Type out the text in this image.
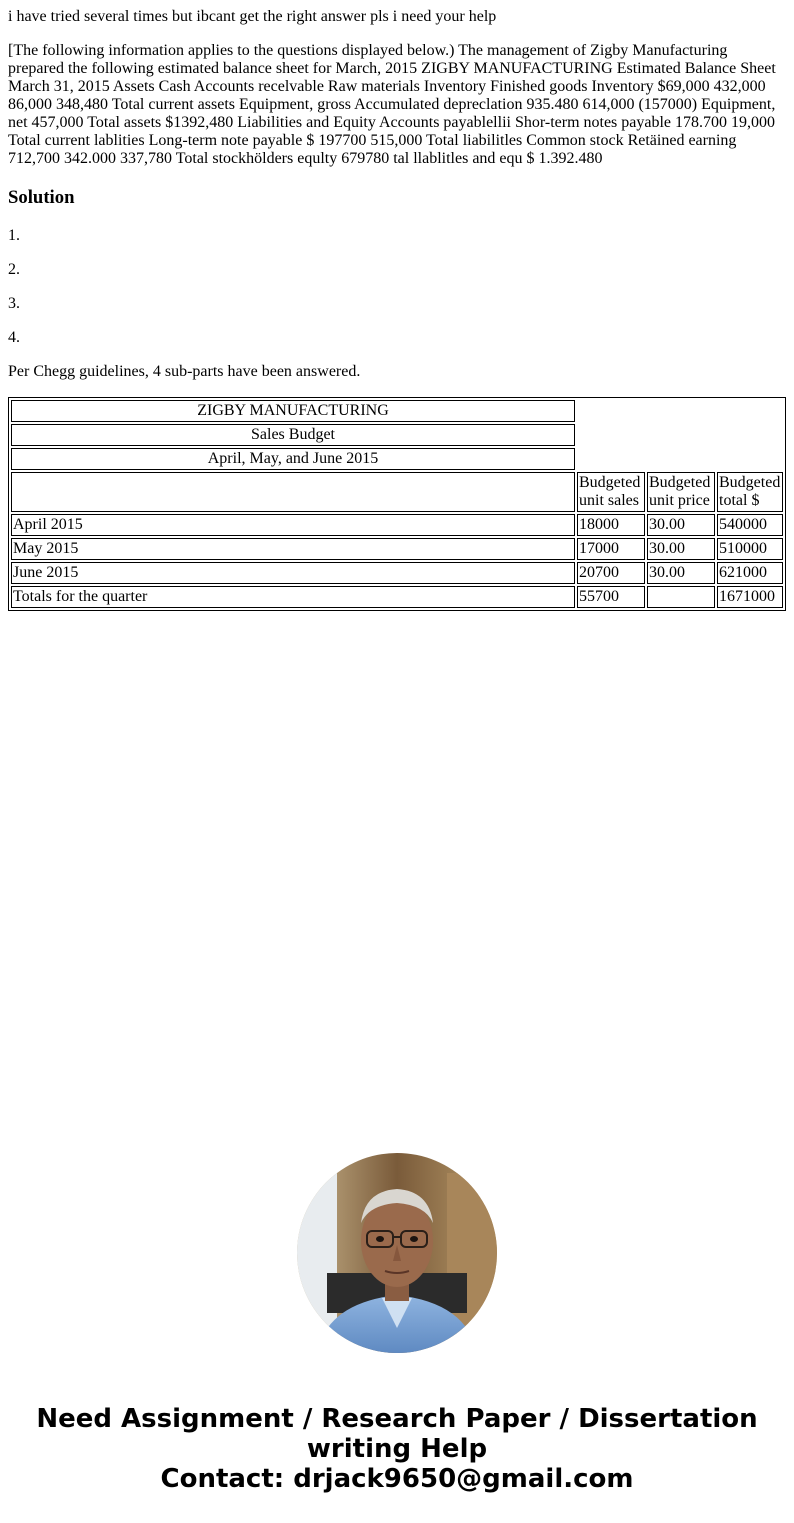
i have tried several times but ibcant get the right answer pls i need your help

[The following information applies to the questions displayed below.) The management of Zigby Manufacturing prepared the following estimated balance sheet for March, 2015 ZIGBY MANUFACTURING Estimated Balance Sheet March 31, 2015 Assets Cash Accounts recelvable Raw materials Inventory Finished goods Inventory $69,000 432,000 86,000 348,480 Total current assets Equipment, gross Accumulated depreclation 935.480 614,000 (157000) Equipment, net 457,000 Total assets $1392,480 Liabilities and Equity Accounts payablellii Shor-term notes payable 178.700 19,000 Total current lablities Long-term note payable $ 197700 515,000 Total liabilitles Common stock Retäined earning 712,700 342.000 337,780 Total stockhölders equlty 679780 tal llablitles and equ $ 1.392.480

Solution

1.

2.

3.

4.

Per Chegg guidelines, 4 sub-parts have been answered.

ZIGBY MANUFACTURING			
Sales Budget			
April, May, and June 2015			
	Budgeted unit sales	Budgeted unit price	Budgeted total $
April 2015	18000	30.00	540000
May 2015	17000	30.00	510000
June 2015	20700	30.00	621000
Totals for the quarter	55700		1671000
Need Assignment / Research Paper / Dissertation
writing Help
Contact: drjack9650@gmail.com
